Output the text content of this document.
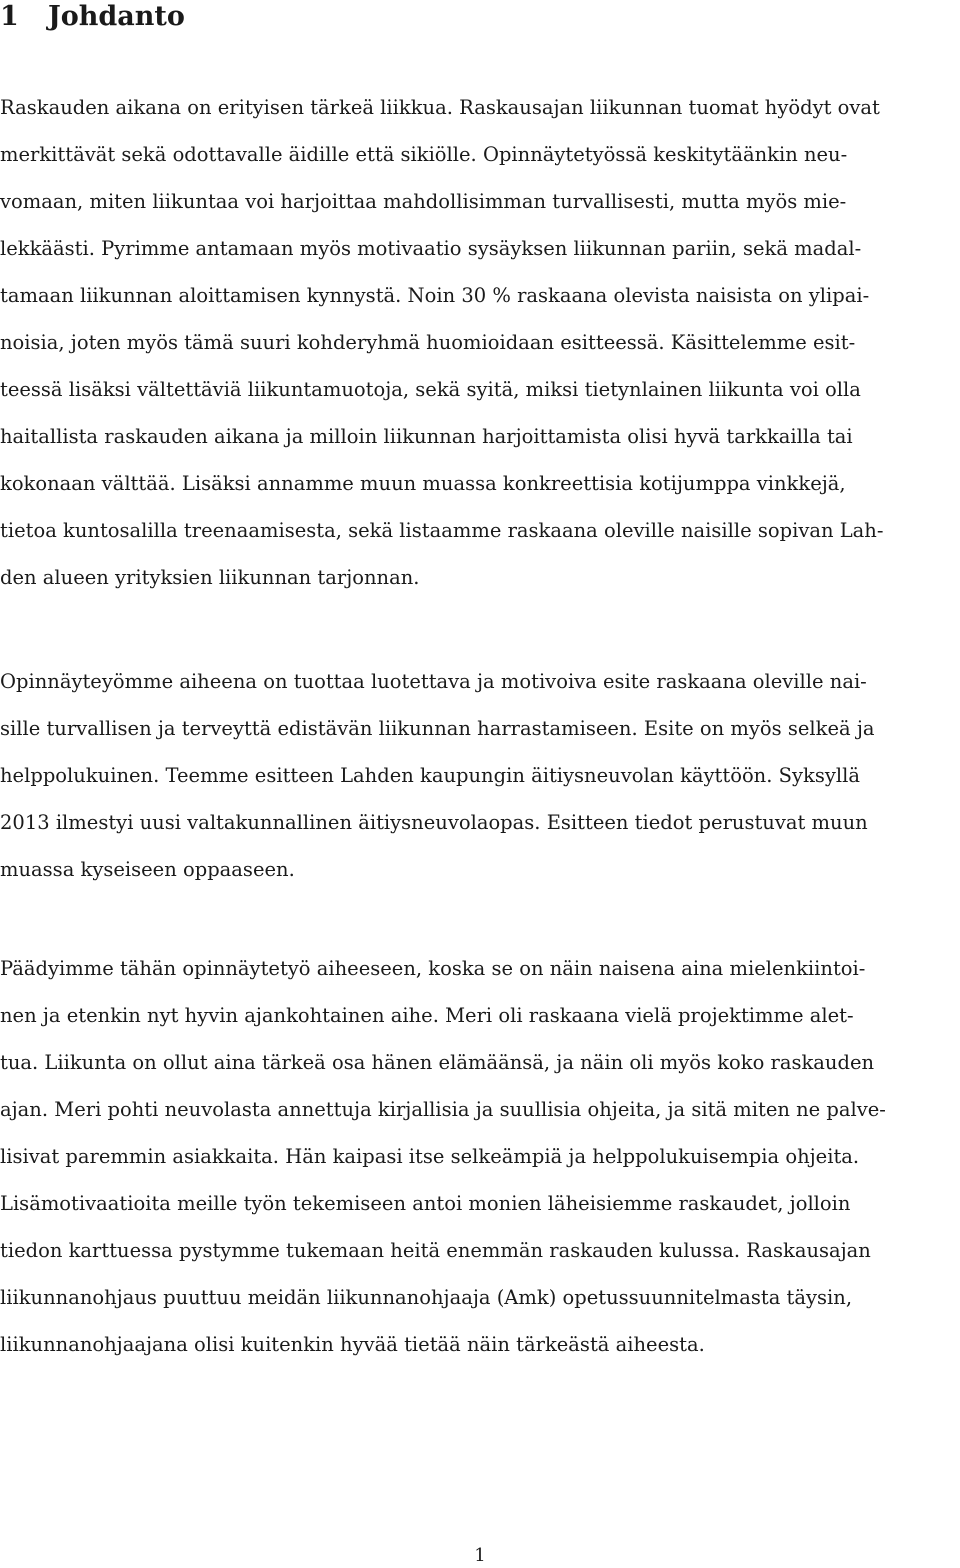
1 Johdanto
Raskauden aikana on erityisen tärkeä liikkua. Raskausajan liikunnan tuomat hyödyt ovat
merkittävät sekä odottavalle äidille että sikiölle. Opinnäytetyössä keskitytäänkin neu-
vomaan, miten liikuntaa voi harjoittaa mahdollisimman turvallisesti, mutta myös mie-
lekkäästi. Pyrimme antamaan myös motivaatio sysäyksen liikunnan pariin, sekä madal-
tamaan liikunnan aloittamisen kynnystä. Noin 30 % raskaana olevista naisista on ylipai-
noisia, joten myös tämä suuri kohderyhmä huomioidaan esitteessä. Käsittelemme esit-
teessä lisäksi vältettäviä liikuntamuotoja, sekä syitä, miksi tietynlainen liikunta voi olla
haitallista raskauden aikana ja milloin liikunnan harjoittamista olisi hyvä tarkkailla tai
kokonaan välttää. Lisäksi annamme muun muassa konkreettisia kotijumppa vinkkejä,
tietoa kuntosalilla treenaamisesta, sekä listaamme raskaana oleville naisille sopivan Lah-
den alueen yrityksien liikunnan tarjonnan.
Opinnäyteyömme aiheena on tuottaa luotettava ja motivoiva esite raskaana oleville nai-
sille turvallisen ja terveyttä edistävän liikunnan harrastamiseen. Esite on myös selkeä ja
helppolukuinen. Teemme esitteen Lahden kaupungin äitiysneuvolan käyttöön. Syksyllä
2013 ilmestyi uusi valtakunnallinen äitiysneuvolaopas. Esitteen tiedot perustuvat muun
muassa kyseiseen oppaaseen.
Päädyimme tähän opinnäytetyö aiheeseen, koska se on näin naisena aina mielenkiintoi-
nen ja etenkin nyt hyvin ajankohtainen aihe. Meri oli raskaana vielä projektimme alet-
tua. Liikunta on ollut aina tärkeä osa hänen elämäänsä, ja näin oli myös koko raskauden
ajan. Meri pohti neuvolasta annettuja kirjallisia ja suullisia ohjeita, ja sitä miten ne palve-
lisivat paremmin asiakkaita. Hän kaipasi itse selkeämpiä ja helppolukuisempia ohjeita.
Lisämotivaatioita meille työn tekemiseen antoi monien läheisiemme raskaudet, jolloin
tiedon karttuessa pystymme tukemaan heitä enemmän raskauden kulussa. Raskausajan
liikunnanohjaus puuttuu meidän liikunnanohjaaja (Amk) opetussuunnitelmasta täysin,
liikunnanohjaajana olisi kuitenkin hyvää tietää näin tärkeästä aiheesta.
1
